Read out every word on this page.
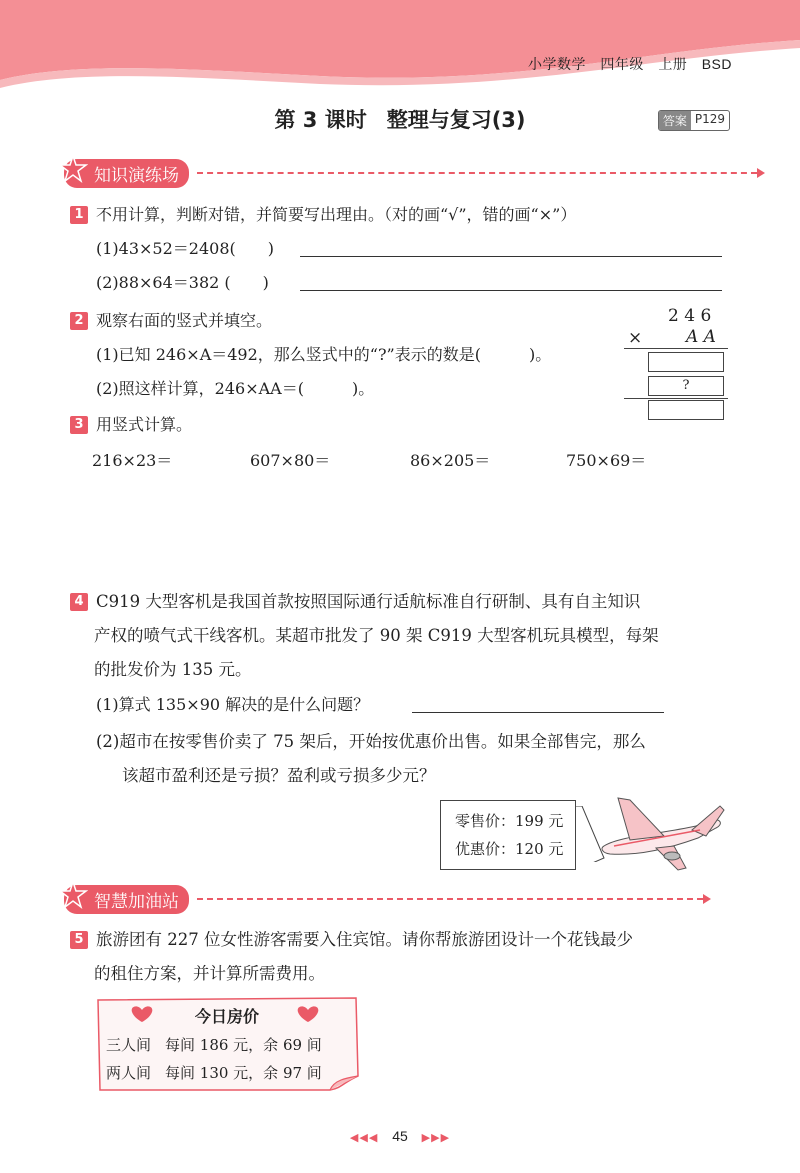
小学数学 四年级 上册 BSD
第 3 课时 整理与复习(3)	答案 P129
知识演练场
1 不用计算，判断对错，并简要写出理由。（对的画“√”，错的画“×”）
(1)43×52＝2408(　　)
(2)88×64＝382 (　　)
2 观察右面的竖式并填空。
(1)已知 246×A＝492，那么竖式中的“?”表示的数是(　　　)。
(2)照这样计算，246×AA＝(　　　)。
2 4 6
×	A A
?
3 用竖式计算。
216×23＝	607×80＝	86×205＝	750×69＝
4 C919 大型客机是我国首款按照国际通行适航标准自行研制、具有自主知识
产权的喷气式干线客机。某超市批发了 90 架 C919 大型客机玩具模型，每架
的批发价为 135 元。
(1)算式 135×90 解决的是什么问题？
(2)超市在按零售价卖了 75 架后，开始按优惠价出售。如果全部售完，那么
该超市盈利还是亏损？盈利或亏损多少元？
零售价：199 元
优惠价：120 元
智慧加油站
5 旅游团有 227 位女性游客需要入住宾馆。请你帮旅游团设计一个花钱最少
的租住方案，并计算所需费用。
今日房价
三人间 每间 186 元，余 69 间
两人间 每间 130 元，余 97 间
◀◀◀ 45 ▶▶▶
